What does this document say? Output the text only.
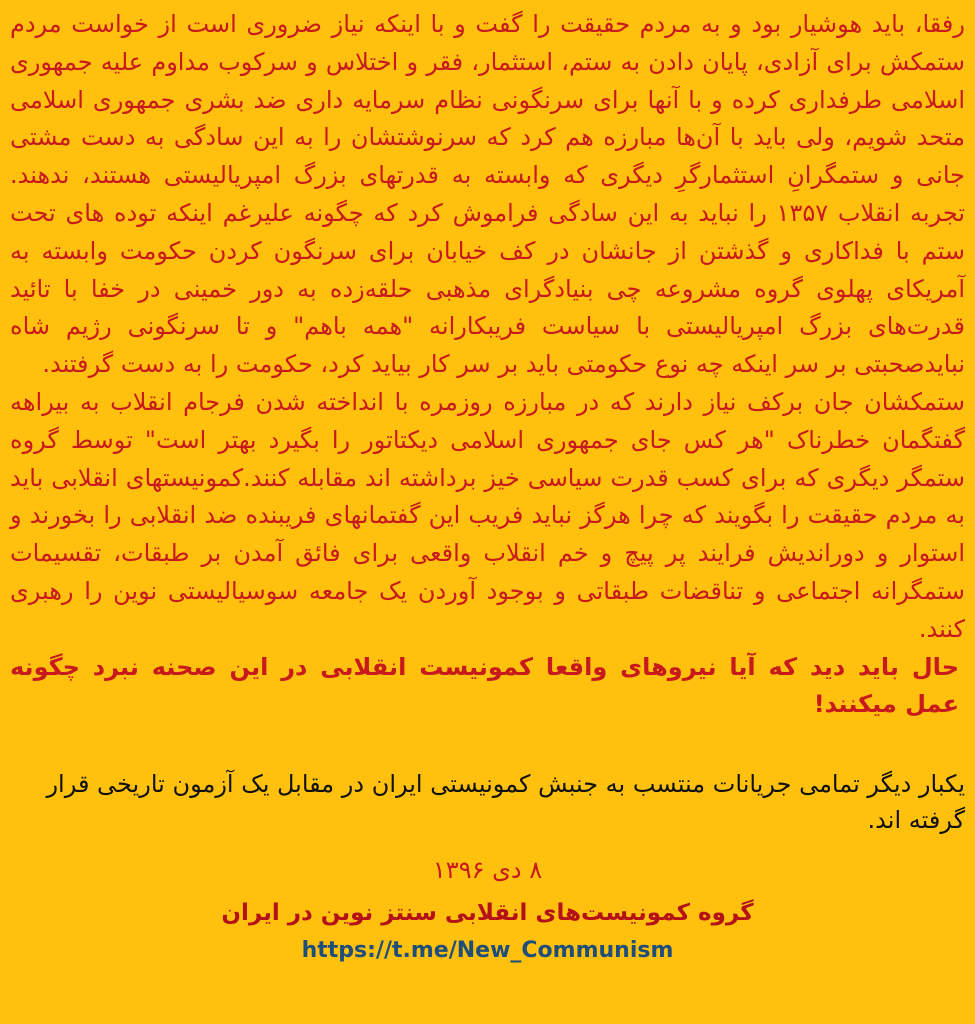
رفقا، باید هوشیار بود و به مردم حقیقت را گفت و با اینکه نیاز ضروری است از خواست مردم ستمکش برای آزادی، پایان دادن به ستم، استثمار، فقر و اختلاس و سرکوب مداوم علیه جمهوری اسلامی طرفداری کرده و با آنها برای سرنگونی نظام سرمایه داری ضد بشری جمهوری اسلامی متحد شویم، ولی باید با آن‌ها مبارزه هم کرد که سرنوشتشان را به این سادگی به دست مشتی جانی و ستمگرانِ استثمارگرِ دیگری که وابسته به قدرتهای بزرگ امپریالیستی هستند، ندهند. تجربه انقلاب ۱۳۵۷ را نباید به این سادگی فراموش کرد که چگونه علیرغم اینکه توده های تحت ستم با فداکاری و گذشتن از جانشان در کف خیابان برای سرنگون کردن حکومت وابسته به آمریکای پهلوی گروه مشروعه چی بنیادگرای مذهبی حلقه‌زده به دور خمینی در خفا با تائید قدرت‌های بزرگ امپریالیستی با سیاست فریبکارانه "همه باهم" و تا سرنگونی رژیم شاه نبایدصحبتی بر سر اینکه چه نوع حکومتی باید بر سر کار بیاید کرد، حکومت را به دست گرفتند.

ستمکشان جان برکف نیاز دارند که در مبارزه روزمره با انداخته شدن فرجام انقلاب به بیراهه گفتگمان خطرناک "هر کس جای جمهوری اسلامی دیکتاتور را بگیرد بهتر است" توسط گروه ستمگر دیگری که برای کسب قدرت سیاسی خیز برداشته اند مقابله کنند.کمونیستهای انقلابی باید به مردم حقیقت را بگویند که چرا هرگز نباید فریب این گفتمانهای فریبنده ضد انقلابی را بخورند و استوار و دوراندیش فرایند پر پیچ و خم انقلاب واقعی برای فائق آمدن بر طبقات، تقسیمات ستمگرانه اجتماعی و تناقضات طبقاتی و بوجود آوردن یک جامعه سوسیالیستی نوین را رهبری کنند.

حال باید دید که آیا نیروهای واقعا کمونیست انقلابی در این صحنه نبرد چگونه عمل میکنند!

یکبار دیگر تمامی جریانات منتسب به جنبش کمونیستی ایران در مقابل یک آزمون تاریخی قرار گرفته اند.

۸ دی ۱۳۹۶

گروه کمونیست‌های انقلابی سنتز نوین در ایران

https://t.me/New_Communism
